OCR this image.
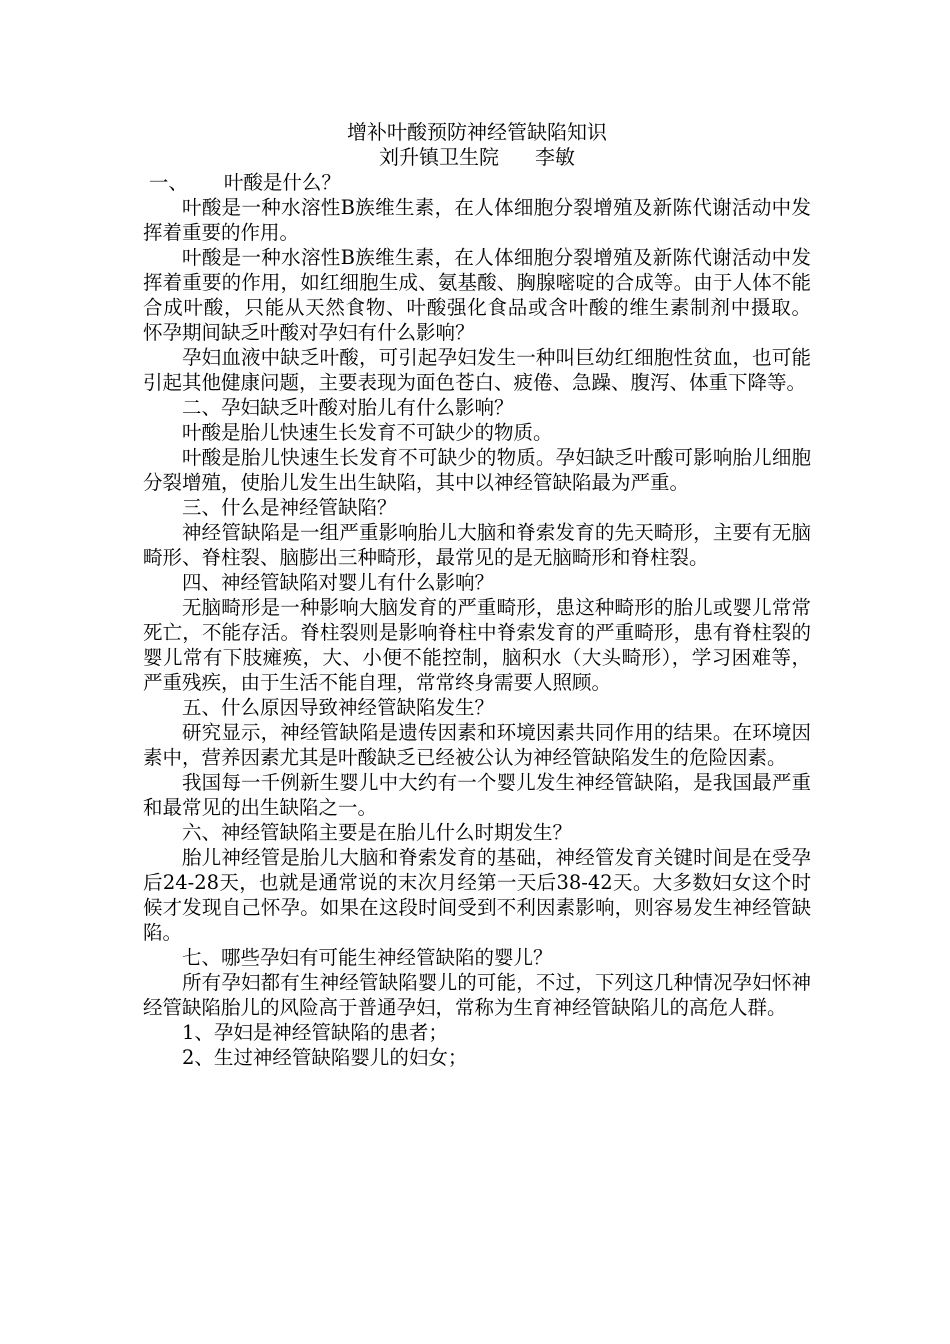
增补叶酸预防神经管缺陷知识
刘升镇卫生院 李敏

一、 叶酸是什么？

叶酸是一种水溶性B族维生素，在人体细胞分裂增殖及新陈代谢活动中发挥着重要的作用。

叶酸是一种水溶性B族维生素，在人体细胞分裂增殖及新陈代谢活动中发挥着重要的作用，如红细胞生成、氨基酸、胸腺嘧啶的合成等。由于人体不能合成叶酸，只能从天然食物、叶酸强化食品或含叶酸的维生素制剂中摄取。 怀孕期间缺乏叶酸对孕妇有什么影响？

孕妇血液中缺乏叶酸，可引起孕妇发生一种叫巨幼红细胞性贫血，也可能引起其他健康问题，主要表现为面色苍白、疲倦、急躁、腹泻、体重下降等。

二、孕妇缺乏叶酸对胎儿有什么影响？

叶酸是胎儿快速生长发育不可缺少的物质。

叶酸是胎儿快速生长发育不可缺少的物质。孕妇缺乏叶酸可影响胎儿细胞分裂增殖，使胎儿发生出生缺陷，其中以神经管缺陷最为严重。

三、什么是神经管缺陷？

神经管缺陷是一组严重影响胎儿大脑和脊索发育的先天畸形，主要有无脑畸形、脊柱裂、脑膨出三种畸形，最常见的是无脑畸形和脊柱裂。

四、神经管缺陷对婴儿有什么影响？

无脑畸形是一种影响大脑发育的严重畸形，患这种畸形的胎儿或婴儿常常死亡，不能存活。脊柱裂则是影响脊柱中脊索发育的严重畸形，患有脊柱裂的婴儿常有下肢瘫痪，大、小便不能控制，脑积水（大头畸形），学习困难等，严重残疾，由于生活不能自理，常常终身需要人照顾。

五、什么原因导致神经管缺陷发生？

研究显示，神经管缺陷是遗传因素和环境因素共同作用的结果。在环境因素中，营养因素尤其是叶酸缺乏已经被公认为神经管缺陷发生的危险因素。

我国每一千例新生婴儿中大约有一个婴儿发生神经管缺陷，是我国最严重和最常见的出生缺陷之一。

六、神经管缺陷主要是在胎儿什么时期发生？

胎儿神经管是胎儿大脑和脊索发育的基础，神经管发育关键时间是在受孕后24-28天，也就是通常说的末次月经第一天后38-42天。大多数妇女这个时候才发现自己怀孕。如果在这段时间受到不利因素影响，则容易发生神经管缺陷。

七、哪些孕妇有可能生神经管缺陷的婴儿？

所有孕妇都有生神经管缺陷婴儿的可能，不过，下列这几种情况孕妇怀神经管缺陷胎儿的风险高于普通孕妇，常称为生育神经管缺陷儿的高危人群。

1、孕妇是神经管缺陷的患者；

2、生过神经管缺陷婴儿的妇女；
